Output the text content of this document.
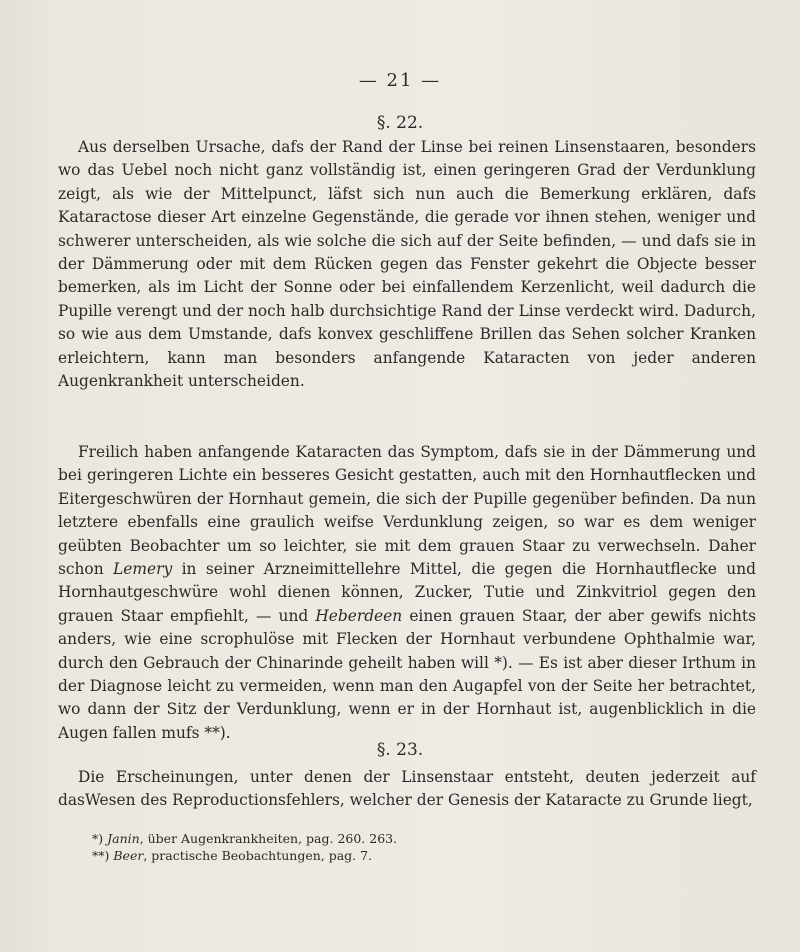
— 21 —

§. 22.

Aus derselben Ursache, dafs der Rand der Linse bei reinen Linsenstaaren, besonders wo das Uebel noch nicht ganz vollständig ist, einen geringeren Grad der Verdunklung zeigt, als wie der Mittelpunct, läfst sich nun auch die Bemerkung erklären, dafs Kataractose dieser Art einzelne Gegenstände, die gerade vor ihnen stehen, weniger und schwerer unterscheiden, als wie solche die sich auf der Seite befinden, — und dafs sie in der Dämmerung oder mit dem Rücken gegen das Fenster gekehrt die Objecte besser bemerken, als im Licht der Sonne oder bei einfallendem Kerzenlicht, weil dadurch die Pupille verengt und der noch halb durchsichtige Rand der Linse verdeckt wird. Dadurch, so wie aus dem Umstande, dafs konvex geschliffene Brillen das Sehen solcher Kranken erleichtern, kann man besonders anfangende Kataracten von jeder anderen Augenkrankheit unterscheiden.

Freilich haben anfangende Kataracten das Symptom, dafs sie in der Dämmerung und bei geringeren Lichte ein besseres Gesicht gestatten, auch mit den Hornhautflecken und Eitergeschwüren der Hornhaut gemein, die sich der Pupille gegenüber befinden. Da nun letztere ebenfalls eine graulich weifse Verdunklung zeigen, so war es dem weniger geübten Beobachter um so leichter, sie mit dem grauen Staar zu verwechseln. Daher schon Lemery in seiner Arzneimittellehre Mittel, die gegen die Hornhautflecke und Hornhautgeschwüre wohl dienen können, Zucker, Tutie und Zinkvitriol gegen den grauen Staar empfiehlt, — und Heberdeen einen grauen Staar, der aber gewifs nichts anders, wie eine scrophulöse mit Flecken der Hornhaut verbundene Ophthalmie war, durch den Gebrauch der Chinarinde geheilt haben will *). — Es ist aber dieser Irthum in der Diagnose leicht zu vermeiden, wenn man den Augapfel von der Seite her betrachtet, wo dann der Sitz der Verdunklung, wenn er in der Hornhaut ist, augenblicklich in die Augen fallen mufs **).

§. 23.

Die Erscheinungen, unter denen der Linsenstaar entsteht, deuten jederzeit auf dasWesen des Reproductionsfehlers, welcher der Genesis der Kataracte zu Grunde liegt,

*) Janin, über Augenkrankheiten, pag. 260. 263.

**) Beer, practische Beobachtungen, pag. 7.
